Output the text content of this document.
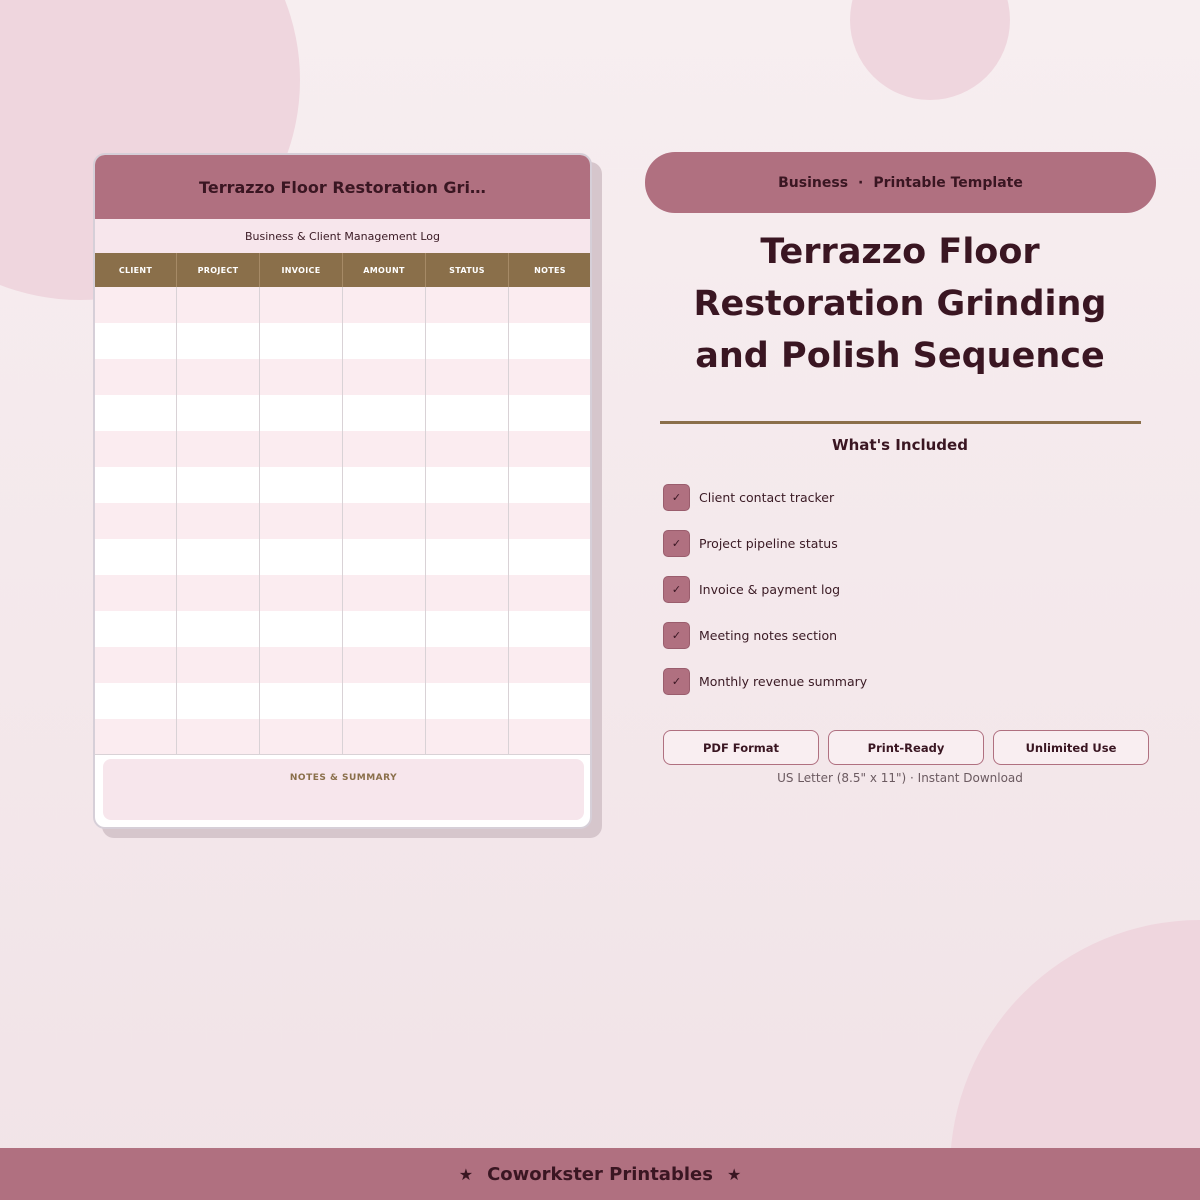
Terrazzo Floor Restoration Gri…
Business & Client Management Log
CLIENT	PROJECT	INVOICE	AMOUNT	STATUS	NOTES
NOTES & SUMMARY
Business · Printable Template
Terrazzo Floor Restoration Grinding and Polish Sequence
What's Included
✓	Client contact tracker
✓	Project pipeline status
✓	Invoice & payment log
✓	Meeting notes section
✓	Monthly revenue summary
PDF Format	Print-Ready	Unlimited Use
US Letter (8.5" x 11") · Instant Download
★ Coworkster Printables ★
